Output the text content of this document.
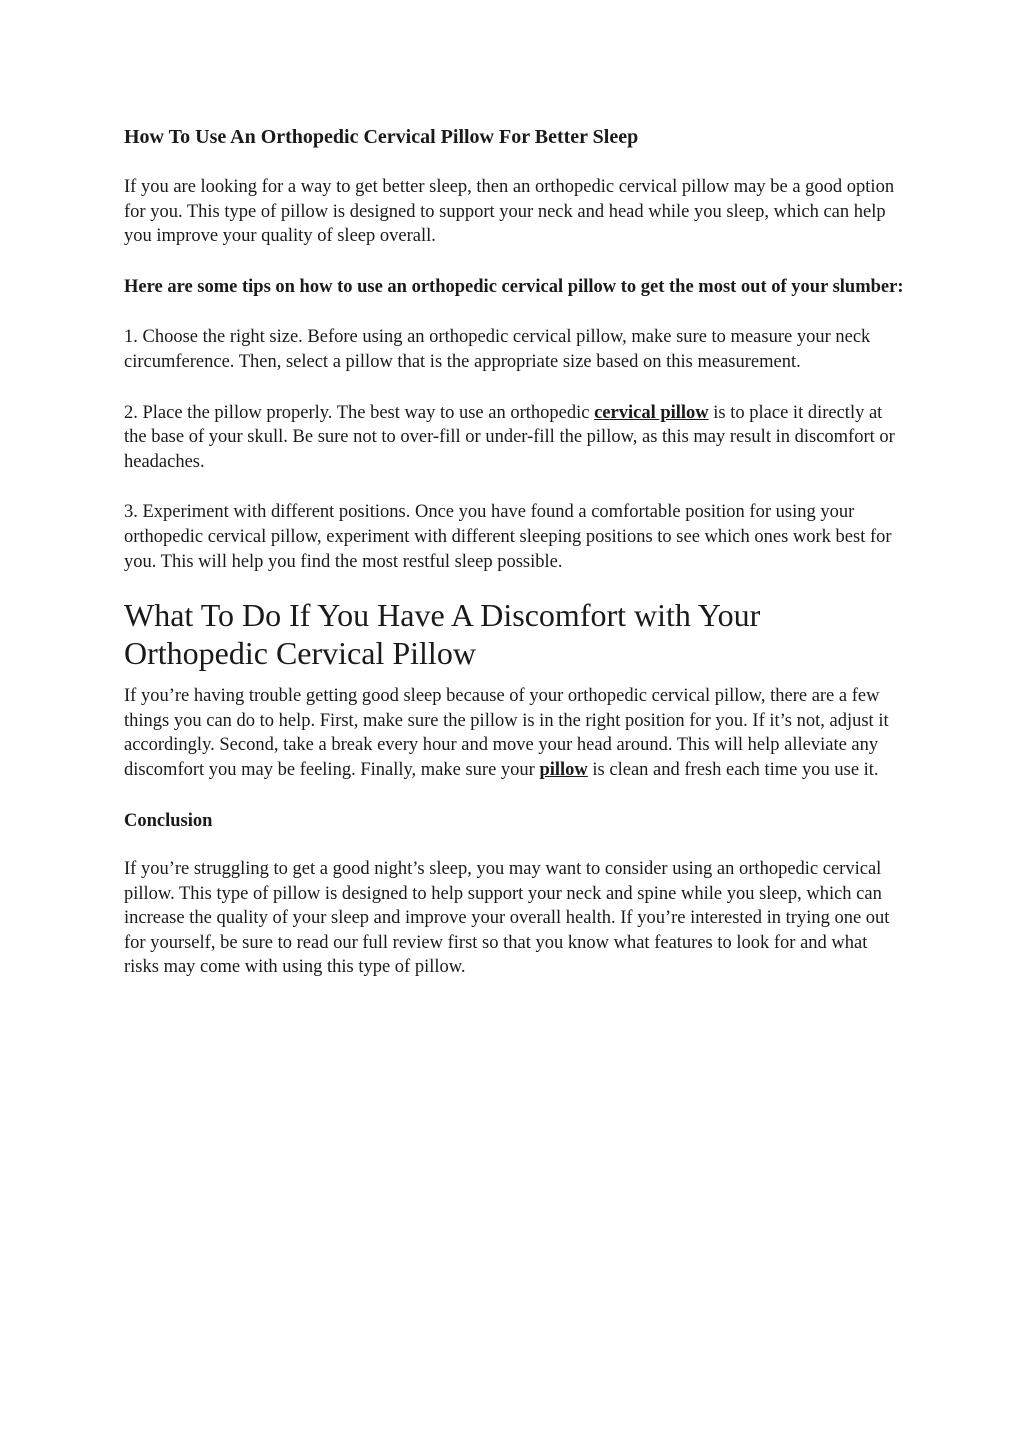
How To Use An Orthopedic Cervical Pillow For Better Sleep

If you are looking for a way to get better sleep, then an orthopedic cervical pillow may be a good option for you. This type of pillow is designed to support your neck and head while you sleep, which can help you improve your quality of sleep overall.

Here are some tips on how to use an orthopedic cervical pillow to get the most out of your slumber:

1. Choose the right size. Before using an orthopedic cervical pillow, make sure to measure your neck circumference. Then, select a pillow that is the appropriate size based on this measurement.

2. Place the pillow properly. The best way to use an orthopedic cervical pillow is to place it directly at the base of your skull. Be sure not to over-fill or under-fill the pillow, as this may result in discomfort or headaches.

3. Experiment with different positions. Once you have found a comfortable position for using your orthopedic cervical pillow, experiment with different sleeping positions to see which ones work best for you. This will help you find the most restful sleep possible.

What To Do If You Have A Discomfort with Your Orthopedic Cervical Pillow

If you’re having trouble getting good sleep because of your orthopedic cervical pillow, there are a few things you can do to help. First, make sure the pillow is in the right position for you. If it’s not, adjust it accordingly. Second, take a break every hour and move your head around. This will help alleviate any discomfort you may be feeling. Finally, make sure your pillow is clean and fresh each time you use it.

Conclusion

If you’re struggling to get a good night’s sleep, you may want to consider using an orthopedic cervical pillow. This type of pillow is designed to help support your neck and spine while you sleep, which can increase the quality of your sleep and improve your overall health. If you’re interested in trying one out for yourself, be sure to read our full review first so that you know what features to look for and what risks may come with using this type of pillow.
